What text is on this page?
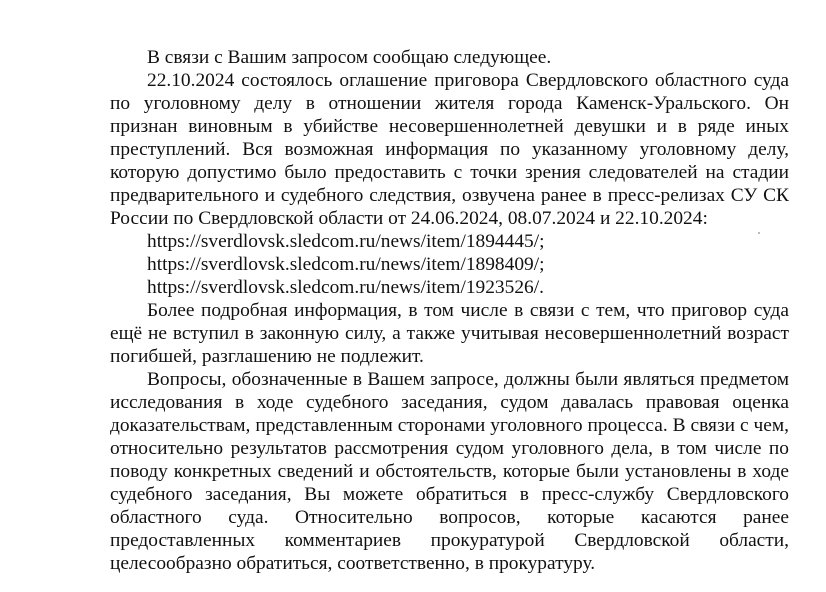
В связи с Вашим запросом сообщаю следующее.

22.10.2024 состоялось оглашение приговора Свердловского областного суда по уголовному делу в отношении жителя города Каменск-Уральского. Он признан виновным в убийстве несовершеннолетней девушки и в ряде иных преступлений. Вся возможная информация по указанному уголовному делу, которую допустимо было предоставить с точки зрения следователей на стадии предварительного и судебного следствия, озвучена ранее в пресс-релизах СУ СК России по Свердловской области от 24.06.2024, 08.07.2024 и 22.10.2024:

https://sverdlovsk.sledcom.ru/news/item/1894445/;

https://sverdlovsk.sledcom.ru/news/item/1898409/;

https://sverdlovsk.sledcom.ru/news/item/1923526/.

Более подробная информация, в том числе в связи с тем, что приговор суда ещё не вступил в законную силу, а также учитывая несовершеннолетний возраст погибшей, разглашению не подлежит.

Вопросы, обозначенные в Вашем запросе, должны были являться предметом исследования в ходе судебного заседания, судом давалась правовая оценка доказательствам, представленным сторонами уголовного процесса. В связи с чем, относительно результатов рассмотрения судом уголовного дела, в том числе по поводу конкретных сведений и обстоятельств, которые были установлены в ходе судебного заседания, Вы можете обратиться в пресс-службу Свердловского областного суда. Относительно вопросов, которые касаются ранее предоставленных комментариев прокуратурой Свердловской области, целесообразно обратиться, соответственно, в прокуратуру.
